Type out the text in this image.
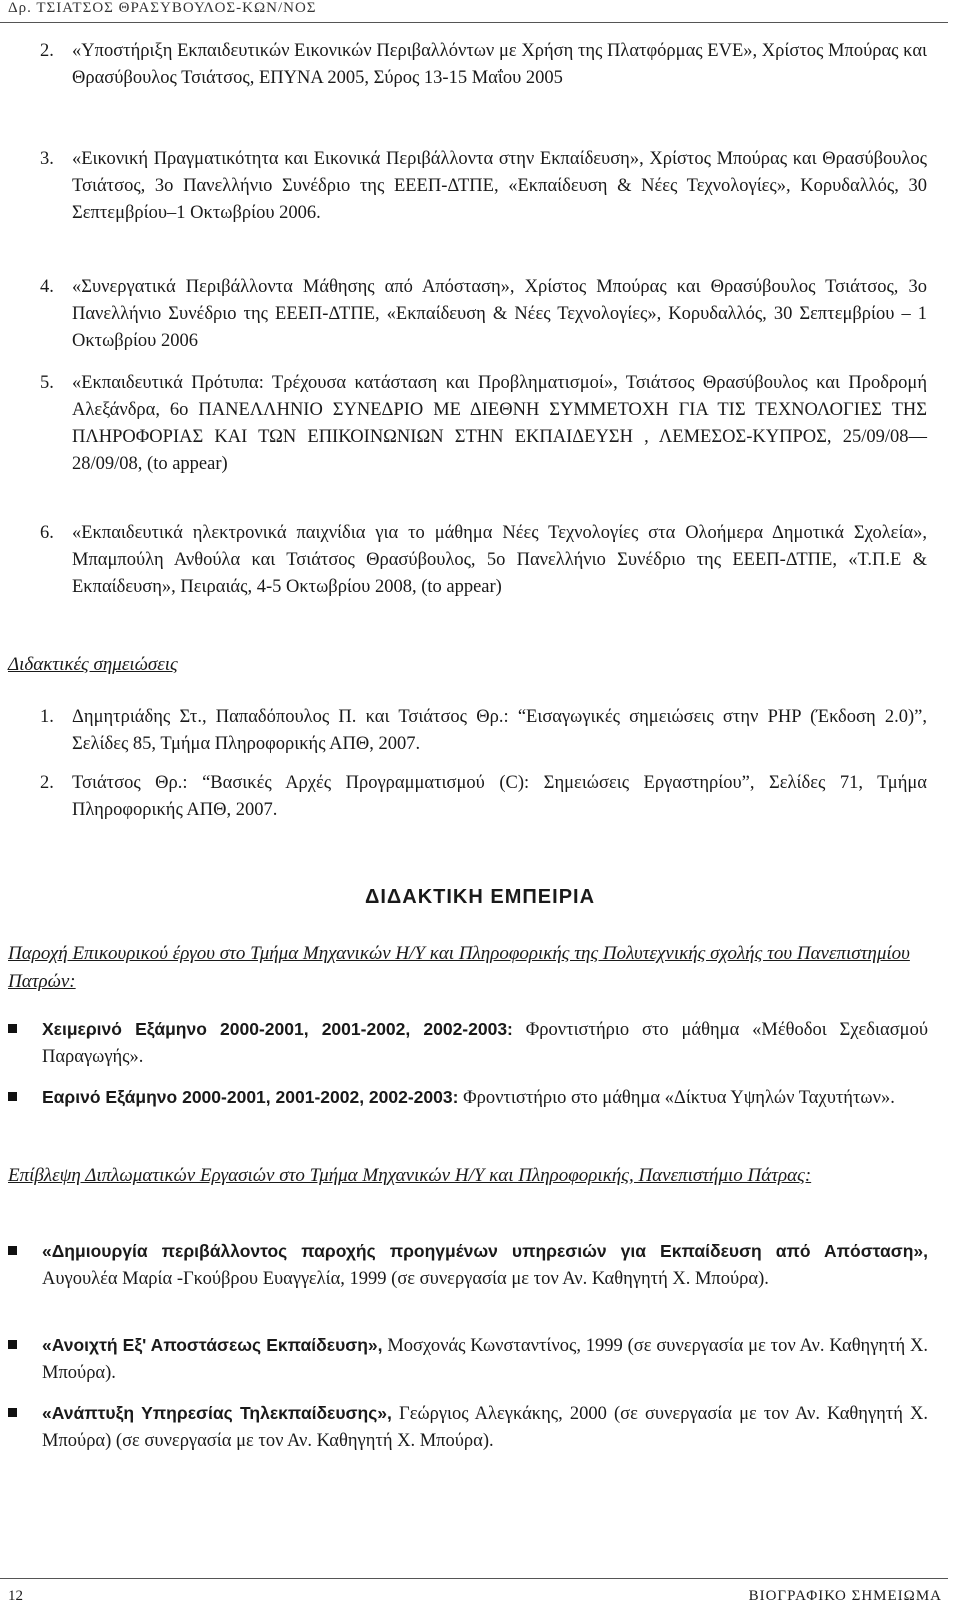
Δρ. ΤΣΙΑΤΣΟΣ ΘΡΑΣΥΒΟΥΛΟΣ-ΚΩΝ/ΝΟΣ
2. «Υποστήριξη Εκπαιδευτικών Εικονικών Περιβαλλόντων με Χρήση της Πλατφόρμας EVE», Χρίστος Μπούρας και Θρασύβουλος Τσιάτσος, ΕΠΥΝΑ 2005, Σύρος 13-15 Μαΐου 2005
3. «Εικονική Πραγματικότητα και Εικονικά Περιβάλλοντα στην Εκπαίδευση», Χρίστος Μπούρας και Θρασύβουλος Τσιάτσος, 3ο Πανελλήνιο Συνέδριο της ΕΕΕΠ-ΔΤΠΕ, «Εκπαίδευση & Νέες Τεχνολογίες», Κορυδαλλός, 30 Σεπτεμβρίου–1 Οκτωβρίου 2006.
4. «Συνεργατικά Περιβάλλοντα Μάθησης από Απόσταση», Χρίστος Μπούρας και Θρασύβουλος Τσιάτσος, 3ο Πανελλήνιο Συνέδριο της ΕΕΕΠ-ΔΤΠΕ, «Εκπαίδευση & Νέες Τεχνολογίες», Κορυδαλλός, 30 Σεπτεμβρίου – 1 Οκτωβρίου 2006
5. «Εκπαιδευτικά Πρότυπα: Τρέχουσα κατάσταση και Προβληματισμοί», Τσιάτσος Θρασύβουλος και Προδρομή Αλεξάνδρα, 6ο ΠΑΝΕΛΛΗΝΙΟ ΣΥΝΕΔΡΙΟ ΜΕ ΔΙΕΘΝΗ ΣΥΜΜΕΤΟΧΗ ΓΙΑ ΤΙΣ ΤΕΧΝΟΛΟΓΙΕΣ ΤΗΣ ΠΛΗΡΟΦΟΡΙΑΣ ΚΑΙ ΤΩΝ ΕΠΙΚΟΙΝΩΝΙΩΝ ΣΤΗΝ ΕΚΠΑΙΔΕΥΣΗ , ΛΕΜΕΣΟΣ-ΚΥΠΡΟΣ, 25/09/08—28/09/08, (to appear)
6. «Εκπαιδευτικά ηλεκτρονικά παιχνίδια για το μάθημα Νέες Τεχνολογίες στα Ολοήμερα Δημοτικά Σχολεία», Μπαμπούλη Ανθούλα και Τσιάτσος Θρασύβουλος, 5ο Πανελλήνιο Συνέδριο της ΕΕΕΠ-ΔΤΠΕ, «Τ.Π.Ε & Εκπαίδευση», Πειραιάς, 4-5 Οκτωβρίου 2008, (to appear)
Διδακτικές σημειώσεις
1. Δημητριάδης Στ., Παπαδόπουλος Π. και Τσιάτσος Θρ.: “Εισαγωγικές σημειώσεις στην PHP (Έκδοση 2.0)”, Σελίδες 85, Τμήμα Πληροφορικής ΑΠΘ, 2007.
2. Τσιάτσος Θρ.: “Βασικές Αρχές Προγραμματισμού (C): Σημειώσεις Εργαστηρίου”, Σελίδες 71, Τμήμα Πληροφορικής ΑΠΘ, 2007.
ΔΙΔΑΚΤΙΚΗ ΕΜΠΕΙΡΙΑ
Παροχή Επικουρικού έργου στο Τμήμα Μηχανικών Η/Υ και Πληροφορικής της Πολυτεχνικής σχολής του Πανεπιστημίου Πατρών:
Χειμερινό Εξάμηνο 2000-2001, 2001-2002, 2002-2003: Φροντιστήριο στο μάθημα «Μέθοδοι Σχεδιασμού Παραγωγής».
Εαρινό Εξάμηνο 2000-2001, 2001-2002, 2002-2003: Φροντιστήριο στο μάθημα «Δίκτυα Υψηλών Ταχυτήτων».
Επίβλεψη Διπλωματικών Εργασιών στο Τμήμα Μηχανικών Η/Υ και Πληροφορικής, Πανεπιστήμιο Πάτρας:
«Δημιουργία περιβάλλοντος παροχής προηγμένων υπηρεσιών για Εκπαίδευση από Απόσταση», Αυγουλέα Μαρία -Γκούβρου Ευαγγελία, 1999 (σε συνεργασία με τον Αν. Καθηγητή Χ. Μπούρα).
«Ανοιχτή Εξ' Αποστάσεως Εκπαίδευση», Μοσχονάς Κωνσταντίνος, 1999 (σε συνεργασία με τον Αν. Καθηγητή Χ. Μπούρα).
«Ανάπτυξη Υπηρεσίας Τηλεκπαίδευσης», Γεώργιος Αλεγκάκης, 2000 (σε συνεργασία με τον Αν. Καθηγητή Χ. Μπούρα) (σε συνεργασία με τον Αν. Καθηγητή Χ. Μπούρα).
12	ΒΙΟΓΡΑΦΙΚΟ ΣΗΜΕΙΩΜΑ
